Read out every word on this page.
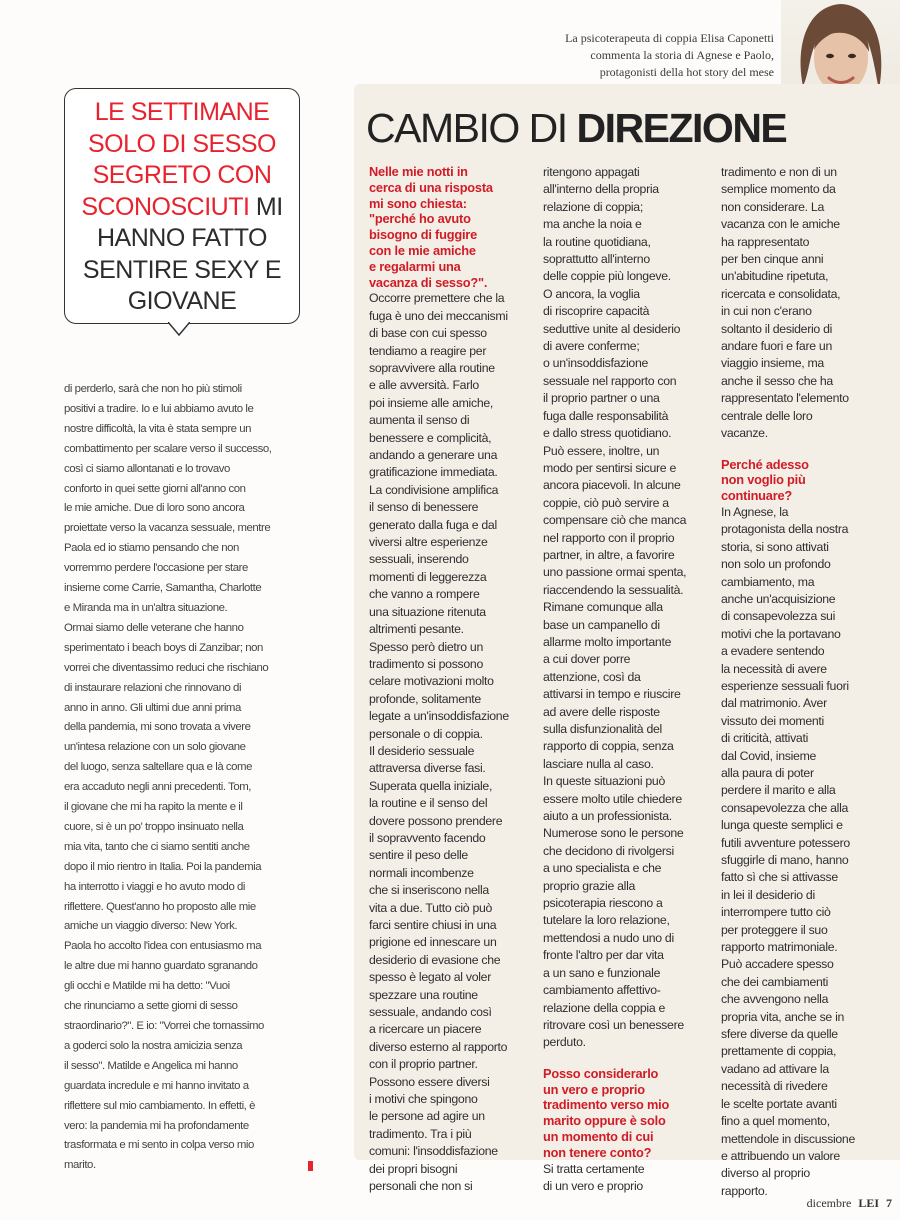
La psicoterapeuta di coppia Elisa Caponetti
commenta la storia di Agnese e Paolo,
protagonisti della hot story del mese
LE SETTIMANE
SOLO DI SESSO
SEGRETO CON
SCONOSCIUTI MI
HANNO FATTO
SENTIRE SEXY E
GIOVANE
di perderlo, sarà che non ho più stimoli
positivi a tradire. Io e lui abbiamo avuto le
nostre difficoltà, la vita è stata sempre un
combattimento per scalare verso il successo,
così ci siamo allontanati e lo trovavo
conforto in quei sette giorni all'anno con
le mie amiche. Due di loro sono ancora
proiettate verso la vacanza sessuale, mentre
Paola ed io stiamo pensando che non
vorremmo perdere l'occasione per stare
insieme come Carrie, Samantha, Charlotte
e Miranda ma in un'altra situazione.
Ormai siamo delle veterane che hanno
sperimentato i beach boys di Zanzibar; non
vorrei che diventassimo reduci che rischiano
di instaurare relazioni che rinnovano di
anno in anno. Gli ultimi due anni prima
della pandemia, mi sono trovata a vivere
un'intesa relazione con un solo giovane
del luogo, senza saltellare qua e là come
era accaduto negli anni precedenti. Tom,
il giovane che mi ha rapito la mente e il
cuore, si è un po' troppo insinuato nella
mia vita, tanto che ci siamo sentiti anche
dopo il mio rientro in Italia. Poi la pandemia
ha interrotto i viaggi e ho avuto modo di
riflettere. Quest'anno ho proposto alle mie
amiche un viaggio diverso: New York.
Paola ho accolto l'idea con entusiasmo ma
le altre due mi hanno guardato sgranando
gli occhi e Matilde mi ha detto: "Vuoi
che rinunciamo a sette giorni di sesso
straordinario?". E io: "Vorrei che tornassimo
a goderci solo la nostra amicizia senza
il sesso". Matilde e Angelica mi hanno
guardata incredule e mi hanno invitato a
riflettere sul mio cambiamento. In effetti, è
vero: la pandemia mi ha profondamente
trasformata e mi sento in colpa verso mio
marito.
CAMBIO DI DIREZIONE
Nelle mie notti in
cerca di una risposta
mi sono chiesta:
"perché ho avuto
bisogno di fuggire
con le mie amiche
e regalarmi una
vacanza di sesso?".
Occorre premettere che la
fuga è uno dei meccanismi
di base con cui spesso
tendiamo a reagire per
sopravvivere alla routine
e alle avversità. Farlo
poi insieme alle amiche,
aumenta il senso di
benessere e complicità,
andando a generare una
gratificazione immediata.
La condivisione amplifica
il senso di benessere
generato dalla fuga e dal
viversi altre esperienze
sessuali, inserendo
momenti di leggerezza
che vanno a rompere
una situazione ritenuta
altrimenti pesante.
Spesso però dietro un
tradimento si possono
celare motivazioni molto
profonde, solitamente
legate a un'insoddisfazione
personale o di coppia.
Il desiderio sessuale
attraversa diverse fasi.
Superata quella iniziale,
la routine e il senso del
dovere possono prendere
il sopravvento facendo
sentire il peso delle
normali incombenze
che si inseriscono nella
vita a due. Tutto ciò può
farci sentire chiusi in una
prigione ed innescare un
desiderio di evasione che
spesso è legato al voler
spezzare una routine
sessuale, andando così
a ricercare un piacere
diverso esterno al rapporto
con il proprio partner.
Possono essere diversi
i motivi che spingono
le persone ad agire un
tradimento. Tra i più
comuni: l'insoddisfazione
dei propri bisogni
personali che non si
ritengono appagati
all'interno della propria
relazione di coppia;
ma anche la noia e
la routine quotidiana,
soprattutto all'interno
delle coppie più longeve.
O ancora, la voglia
di riscoprire capacità
seduttive unite al desiderio
di avere conferme;
o un'insoddisfazione
sessuale nel rapporto con
il proprio partner o una
fuga dalle responsabilità
e dallo stress quotidiano.
Può essere, inoltre, un
modo per sentirsi sicure e
ancora piacevoli. In alcune
coppie, ciò può servire a
compensare ciò che manca
nel rapporto con il proprio
partner, in altre, a favorire
uno passione ormai spenta,
riaccendendo la sessualità.
Rimane comunque alla
base un campanello di
allarme molto importante
a cui dover porre
attenzione, così da
attivarsi in tempo e riuscire
ad avere delle risposte
sulla disfunzionalità del
rapporto di coppia, senza
lasciare nulla al caso.
In queste situazioni può
essere molto utile chiedere
aiuto a un professionista.
Numerose sono le persone
che decidono di rivolgersi
a uno specialista e che
proprio grazie alla
psicoterapia riescono a
tutelare la loro relazione,
mettendosi a nudo uno di
fronte l'altro per dar vita
a un sano e funzionale
cambiamento affettivo-
relazione della coppia e
ritrovare così un benessere
perduto.
Posso considerarlo
un vero e proprio
tradimento verso mio
marito oppure è solo
un momento di cui
non tenere conto?
Si tratta certamente
di un vero e proprio
tradimento e non di un
semplice momento da
non considerare. La
vacanza con le amiche
ha rappresentato
per ben cinque anni
un'abitudine ripetuta,
ricercata e consolidata,
in cui non c'erano
soltanto il desiderio di
andare fuori e fare un
viaggio insieme, ma
anche il sesso che ha
rappresentato l'elemento
centrale delle loro
vacanze.
Perché adesso
non voglio più
continuare?
In Agnese, la
protagonista della nostra
storia, si sono attivati
non solo un profondo
cambiamento, ma
anche un'acquisizione
di consapevolezza sui
motivi che la portavano
a evadere sentendo
la necessità di avere
esperienze sessuali fuori
dal matrimonio. Aver
vissuto dei momenti
di criticità, attivati
dal Covid, insieme
alla paura di poter
perdere il marito e alla
consapevolezza che alla
lunga queste semplici e
futili avventure potessero
sfuggirle di mano, hanno
fatto sì che si attivasse
in lei il desiderio di
interrompere tutto ciò
per proteggere il suo
rapporto matrimoniale.
Può accadere spesso
che dei cambiamenti
che avvengono nella
propria vita, anche se in
sfere diverse da quelle
prettamente di coppia,
vadano ad attivare la
necessità di rivedere
le scelte portate avanti
fino a quel momento,
mettendole in discussione
e attribuendo un valore
diverso al proprio
rapporto.
dicembre LEI 7
